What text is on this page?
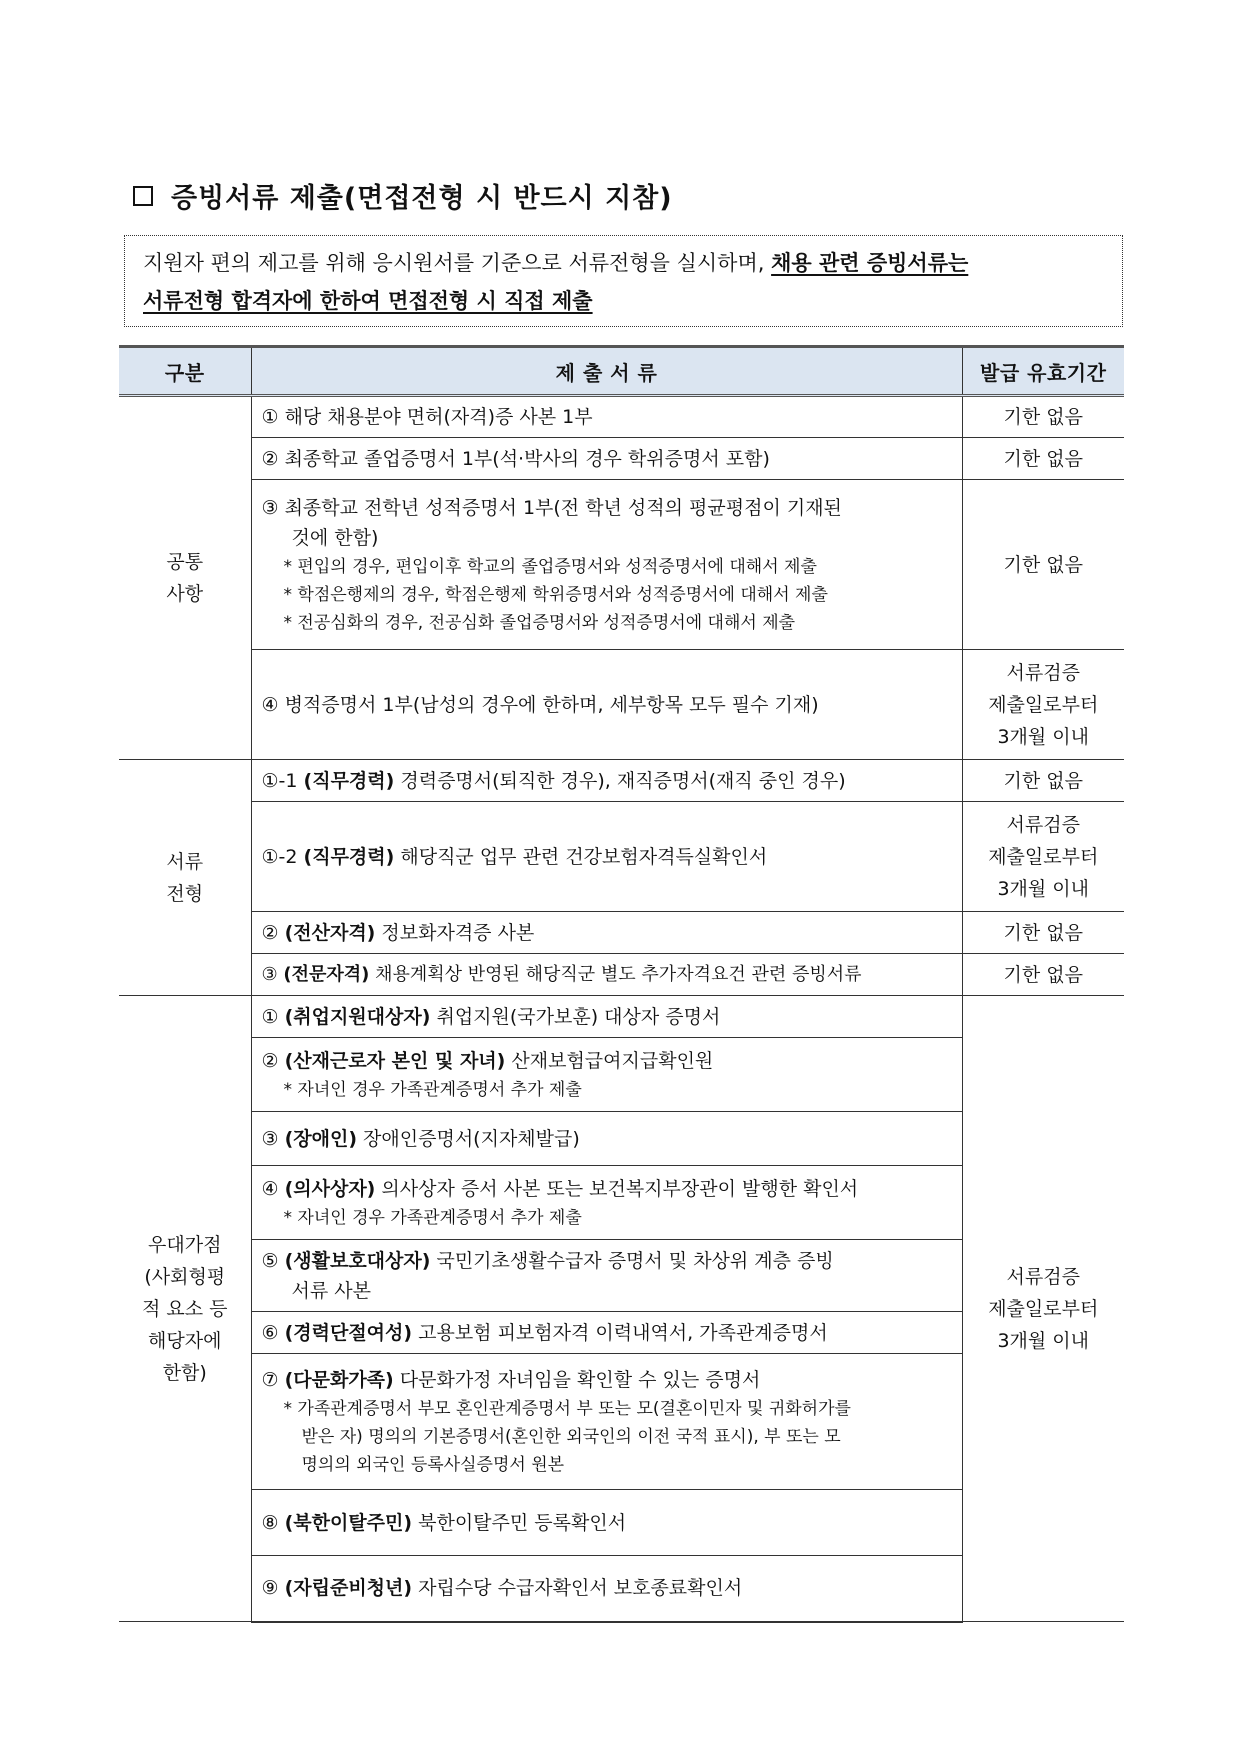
증빙서류 제출(면접전형 시 반드시 지참)
지원자 편의 제고를 위해 응시원서를 기준으로 서류전형을 실시하며, 채용 관련 증빙서류는
서류전형 합격자에 한하여 면접전형 시 직접 제출
구분	제 출 서 류	발급 유효기간
공통
사항	① 해당 채용분야 면허(자격)증 사본 1부	기한 없음

	② 최종학교 졸업증명서 1부(석·박사의 경우 학위증명서 포함)	기한 없음

	③ 최종학교 전학년 성적증명서 1부(전 학년 성적의 평균평점이 기재된
것에 한함)
* 편입의 경우, 편입이후 학교의 졸업증명서와 성적증명서에 대해서 제출
* 학점은행제의 경우, 학점은행제 학위증명서와 성적증명서에 대해서 제출
* 전공심화의 경우, 전공심화 졸업증명서와 성적증명서에 대해서 제출	기한 없음

	④ 병적증명서 1부(남성의 경우에 한하며, 세부항목 모두 필수 기재)	서류검증
제출일로부터
3개월 이내
서류
전형	①-1 (직무경력) 경력증명서(퇴직한 경우), 재직증명서(재직 중인 경우)	기한 없음
	①-2 (직무경력) 해당직군 업무 관련 건강보험자격득실확인서	서류검증
제출일로부터
3개월 이내
	② (전산자격) 정보화자격증 사본	기한 없음
	③ (전문자격) 채용계획상 반영된 해당직군 별도 추가자격요건 관련 증빙서류	기한 없음
우대가점
(사회형평
적 요소 등
해당자에
한함)	① (취업지원대상자) 취업지원(국가보훈) 대상자 증명서	서류검증
제출일로부터
3개월 이내

	② (산재근로자 본인 및 자녀) 산재보험급여지급확인원
* 자녀인 경우 가족관계증명서 추가 제출	

	③ (장애인) 장애인증명서(지자체발급)	

	④ (의사상자) 의사상자 증서 사본 또는 보건복지부장관이 발행한 확인서
* 자녀인 경우 가족관계증명서 추가 제출	

	⑤ (생활보호대상자) 국민기초생활수급자 증명서 및 차상위 계층 증빙
서류 사본	

	⑥ (경력단절여성) 고용보험 피보험자격 이력내역서, 가족관계증명서	

	⑦ (다문화가족) 다문화가정 자녀임을 확인할 수 있는 증명서
* 가족관계증명서 부모 혼인관계증명서 부 또는 모(결혼이민자 및 귀화허가를
받은 자) 명의의 기본증명서(혼인한 외국인의 이전 국적 표시), 부 또는 모
명의의 외국인 등록사실증명서 원본	

	⑧ (북한이탈주민) 북한이탈주민 등록확인서	
	⑨ (자립준비청년) 자립수당 수급자확인서 보호종료확인서	
